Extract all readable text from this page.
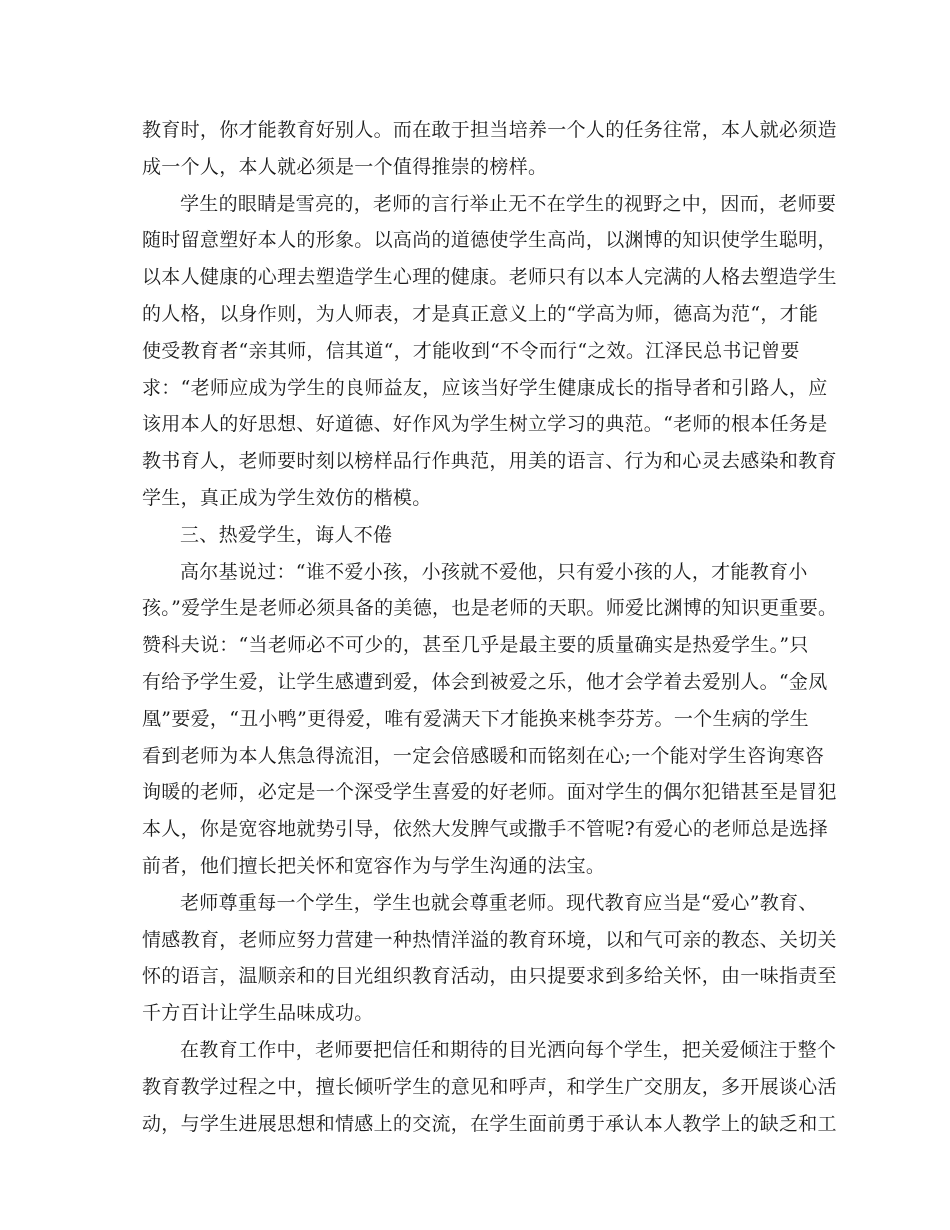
教育时，你才能教育好别人。而在敢于担当培养一个人的任务往常，本人就必须造
成一个人，本人就必须是一个值得推崇的榜样。

学生的眼睛是雪亮的，老师的言行举止无不在学生的视野之中，因而，老师要
随时留意塑好本人的形象。以高尚的道德使学生高尚，以渊博的知识使学生聪明，
以本人健康的心理去塑造学生心理的健康。老师只有以本人完满的人格去塑造学生
的人格，以身作则，为人师表，才是真正意义上的“学高为师，德高为范“，才能
使受教育者“亲其师，信其道“，才能收到“不令而行“之效。江泽民总书记曾要
求：“老师应成为学生的良师益友，应该当好学生健康成长的指导者和引路人，应
该用本人的好思想、好道德、好作风为学生树立学习的典范。“老师的根本任务是
教书育人，老师要时刻以榜样品行作典范，用美的语言、行为和心灵去感染和教育
学生，真正成为学生效仿的楷模。

三、热爱学生，诲人不倦

高尔基说过：“谁不爱小孩，小孩就不爱他，只有爱小孩的人，才能教育小
孩。”爱学生是老师必须具备的美德，也是老师的天职。师爱比渊博的知识更重要。
赞科夫说：“当老师必不可少的，甚至几乎是最主要的质量确实是热爱学生。”只
有给予学生爱，让学生感遭到爱，体会到被爱之乐，他才会学着去爱别人。“金凤
凰”要爱，“丑小鸭”更得爱，唯有爱满天下才能换来桃李芬芳。一个生病的学生
看到老师为本人焦急得流泪，一定会倍感暖和而铭刻在心;一个能对学生咨询寒咨
询暖的老师，必定是一个深受学生喜爱的好老师。面对学生的偶尔犯错甚至是冒犯
本人，你是宽容地就势引导，依然大发脾气或撒手不管呢?有爱心的老师总是选择
前者，他们擅长把关怀和宽容作为与学生沟通的法宝。

老师尊重每一个学生，学生也就会尊重老师。现代教育应当是“爱心”教育、
情感教育，老师应努力营建一种热情洋溢的教育环境，以和气可亲的教态、关切关
怀的语言，温顺亲和的目光组织教育活动，由只提要求到多给关怀，由一味指责至
千方百计让学生品味成功。

在教育工作中，老师要把信任和期待的目光洒向每个学生，把关爱倾注于整个
教育教学过程之中，擅长倾听学生的意见和呼声，和学生广交朋友，多开展谈心活
动，与学生进展思想和情感上的交流，在学生面前勇于承认本人教学上的缺乏和工
